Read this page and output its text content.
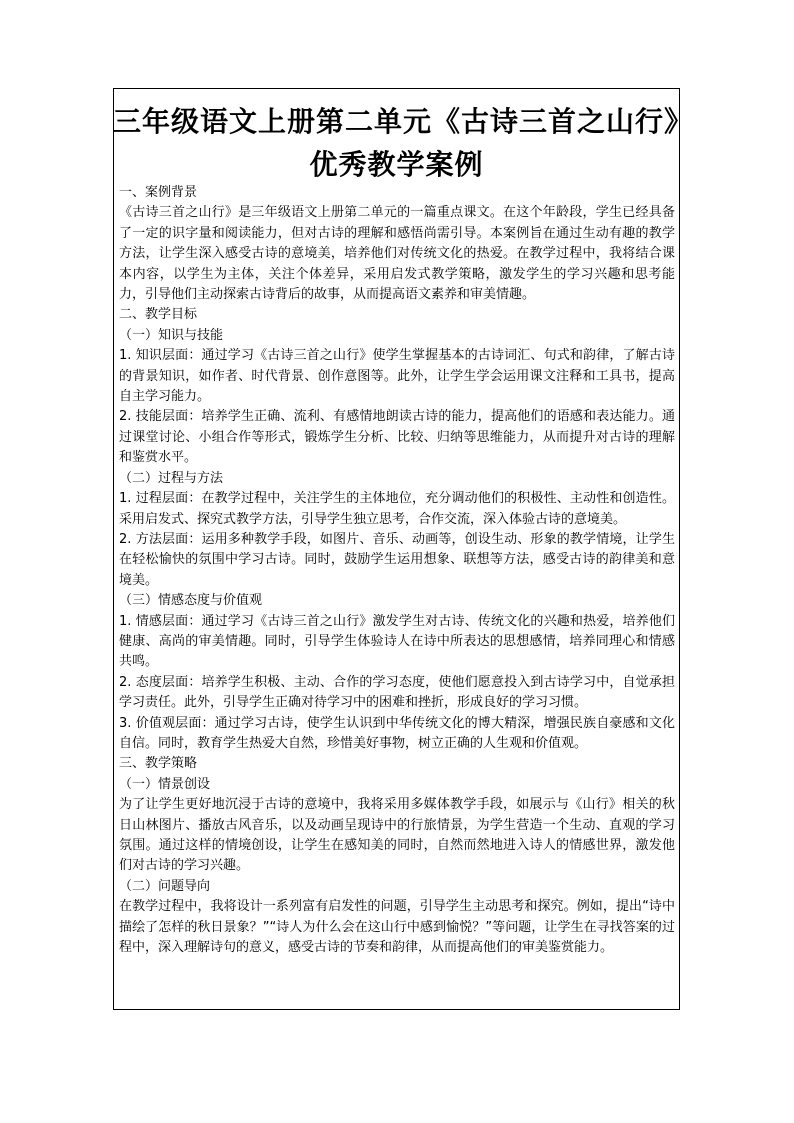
三年级语文上册第二单元《古诗三首之山行》
优秀教学案例

一、案例背景

《古诗三首之山行》是三年级语文上册第二单元的一篇重点课文。在这个年龄段，学生已经具备了一定的识字量和阅读能力，但对古诗的理解和感悟尚需引导。本案例旨在通过生动有趣的教学方法，让学生深入感受古诗的意境美，培养他们对传统文化的热爱。在教学过程中，我将结合课本内容，以学生为主体，关注个体差异，采用启发式教学策略，激发学生的学习兴趣和思考能力，引导他们主动探索古诗背后的故事，从而提高语文素养和审美情趣。

二、教学目标

（一）知识与技能

1. 知识层面：通过学习《古诗三首之山行》使学生掌握基本的古诗词汇、句式和韵律，了解古诗的背景知识，如作者、时代背景、创作意图等。此外，让学生学会运用课文注释和工具书，提高自主学习能力。

2. 技能层面：培养学生正确、流利、有感情地朗读古诗的能力，提高他们的语感和表达能力。通过课堂讨论、小组合作等形式，锻炼学生分析、比较、归纳等思维能力，从而提升对古诗的理解和鉴赏水平。

（二）过程与方法

1. 过程层面：在教学过程中，关注学生的主体地位，充分调动他们的积极性、主动性和创造性。采用启发式、探究式教学方法，引导学生独立思考，合作交流，深入体验古诗的意境美。

2. 方法层面：运用多种教学手段，如图片、音乐、动画等，创设生动、形象的教学情境，让学生在轻松愉快的氛围中学习古诗。同时，鼓励学生运用想象、联想等方法，感受古诗的韵律美和意境美。

（三）情感态度与价值观

1. 情感层面：通过学习《古诗三首之山行》激发学生对古诗、传统文化的兴趣和热爱，培养他们健康、高尚的审美情趣。同时，引导学生体验诗人在诗中所表达的思想感情，培养同理心和情感共鸣。

2. 态度层面：培养学生积极、主动、合作的学习态度，使他们愿意投入到古诗学习中，自觉承担学习责任。此外，引导学生正确对待学习中的困难和挫折，形成良好的学习习惯。

3. 价值观层面：通过学习古诗，使学生认识到中华传统文化的博大精深，增强民族自豪感和文化自信。同时，教育学生热爱大自然，珍惜美好事物，树立正确的人生观和价值观。

三、教学策略

（一）情景创设

为了让学生更好地沉浸于古诗的意境中，我将采用多媒体教学手段，如展示与《山行》相关的秋日山林图片、播放古风音乐，以及动画呈现诗中的行旅情景，为学生营造一个生动、直观的学习氛围。通过这样的情境创设，让学生在感知美的同时，自然而然地进入诗人的情感世界，激发他们对古诗的学习兴趣。

（二）问题导向

在教学过程中，我将设计一系列富有启发性的问题，引导学生主动思考和探究。例如，提出“诗中描绘了怎样的秋日景象？”“诗人为什么会在这山行中感到愉悦？”等问题，让学生在寻找答案的过程中，深入理解诗句的意义，感受古诗的节奏和韵律，从而提高他们的审美鉴赏能力。
